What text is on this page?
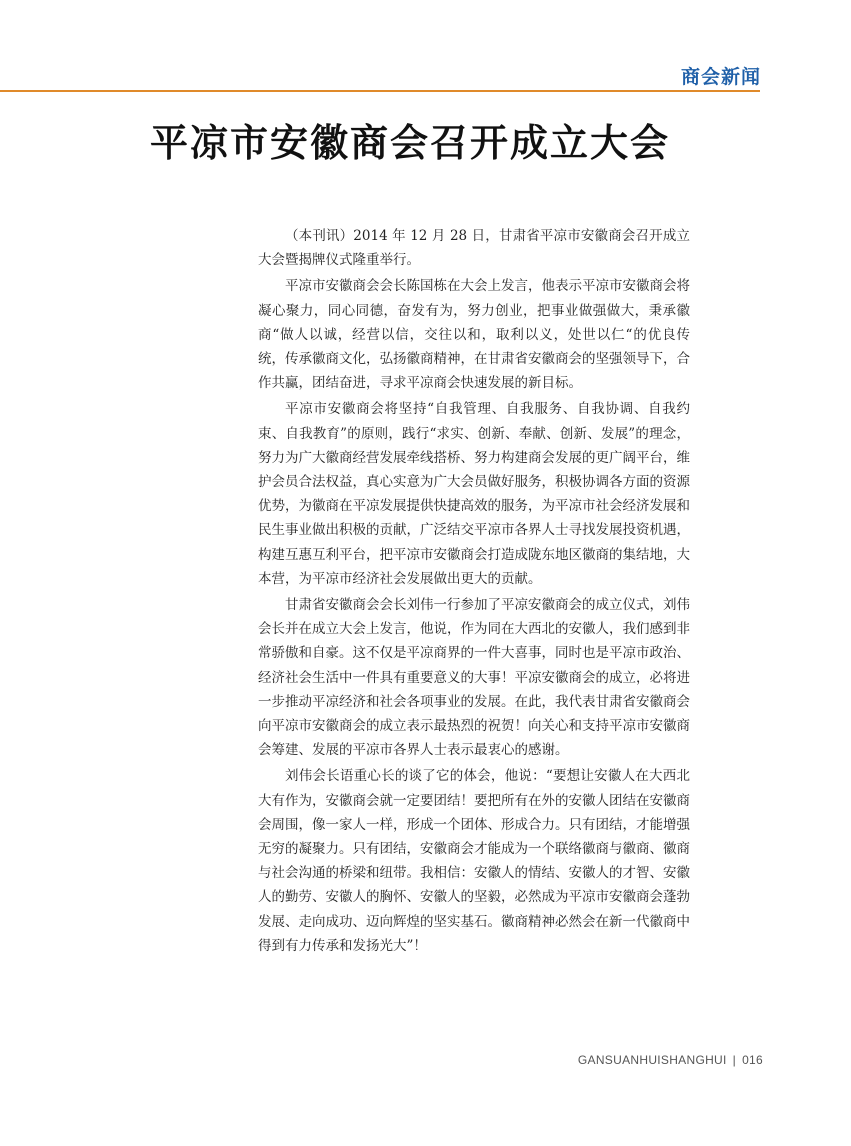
商会新闻
平凉市安徽商会召开成立大会

（本刊讯）2014 年 12 月 28 日，甘肃省平凉市安徽商会召开成立大会暨揭牌仪式隆重举行。

平凉市安徽商会会长陈国栋在大会上发言，他表示平凉市安徽商会将凝心聚力，同心同德，奋发有为，努力创业，把事业做强做大，秉承徽商“做人以诚，经营以信，交往以和，取利以义，处世以仁“的优良传统，传承徽商文化，弘扬徽商精神，在甘肃省安徽商会的坚强领导下，合作共赢，团结奋进，寻求平凉商会快速发展的新目标。

平凉市安徽商会将坚持“自我管理、自我服务、自我协调、自我约束、自我教育”的原则，践行“求实、创新、奉献、创新、发展”的理念，努力为广大徽商经营发展牵线搭桥、努力构建商会发展的更广阔平台，维护会员合法权益，真心实意为广大会员做好服务，积极协调各方面的资源优势，为徽商在平凉发展提供快捷高效的服务，为平凉市社会经济发展和民生事业做出积极的贡献，广泛结交平凉市各界人士寻找发展投资机遇，构建互惠互利平台，把平凉市安徽商会打造成陇东地区徽商的集结地，大本营，为平凉市经济社会发展做出更大的贡献。

甘肃省安徽商会会长刘伟一行参加了平凉安徽商会的成立仪式，刘伟会长并在成立大会上发言，他说，作为同在大西北的安徽人，我们感到非常骄傲和自豪。这不仅是平凉商界的一件大喜事，同时也是平凉市政治、经济社会生活中一件具有重要意义的大事！平凉安徽商会的成立，必将进一步推动平凉经济和社会各项事业的发展。在此，我代表甘肃省安徽商会向平凉市安徽商会的成立表示最热烈的祝贺！向关心和支持平凉市安徽商会筹建、发展的平凉市各界人士表示最衷心的感谢。

刘伟会长语重心长的谈了它的体会，他说：“要想让安徽人在大西北大有作为，安徽商会就一定要团结！要把所有在外的安徽人团结在安徽商会周围，像一家人一样，形成一个团体、形成合力。只有团结，才能增强无穷的凝聚力。只有团结，安徽商会才能成为一个联络徽商与徽商、徽商与社会沟通的桥梁和纽带。我相信：安徽人的情结、安徽人的才智、安徽人的勤劳、安徽人的胸怀、安徽人的坚毅，必然成为平凉市安徽商会蓬勃发展、走向成功、迈向辉煌的坚实基石。徽商精神必然会在新一代徽商中得到有力传承和发扬光大”！

GANSUANHUISHANGHUI | 016
